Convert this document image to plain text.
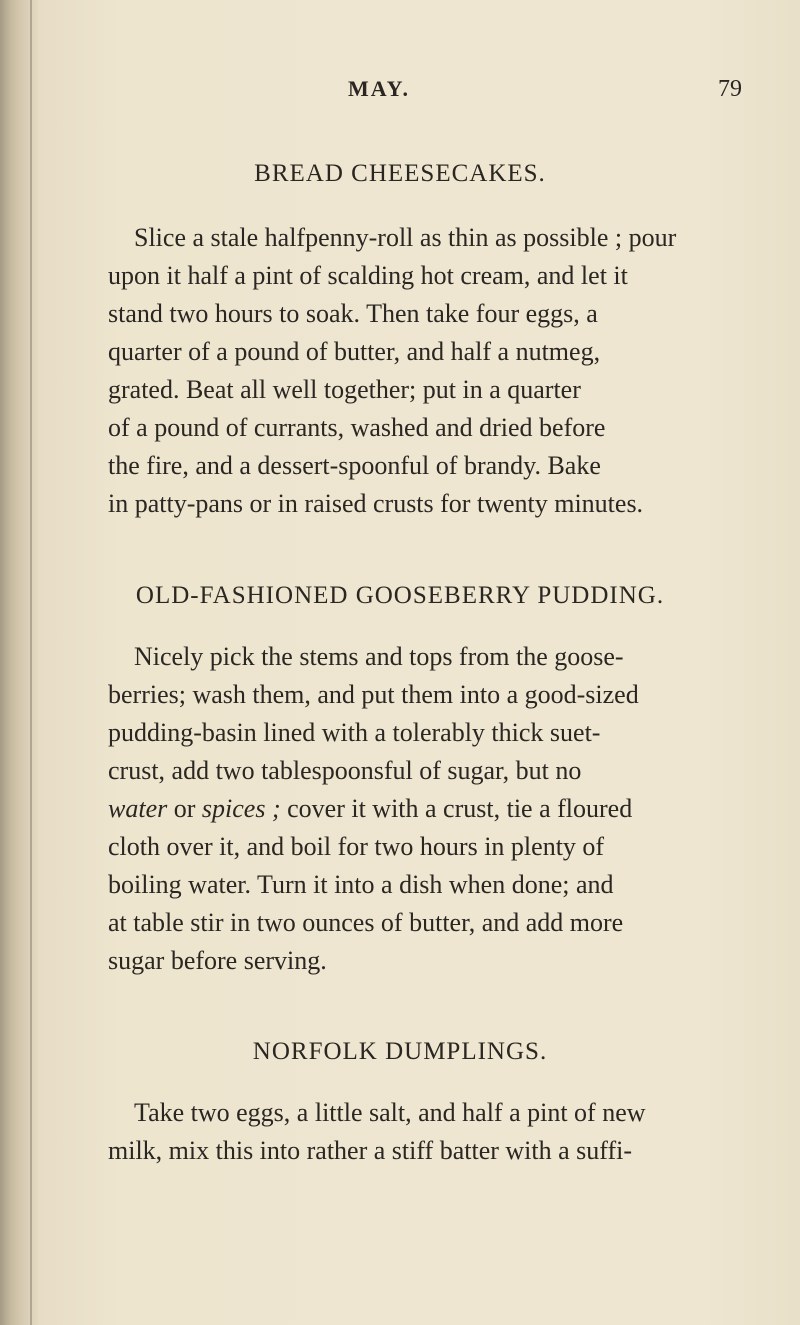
MAY.	79
BREAD CHEESECAKES.
Slice a stale halfpenny-roll as thin as possible ; pour
upon it half a pint of scalding hot cream, and let it
stand two hours to soak. Then take four eggs, a
quarter of a pound of butter, and half a nutmeg,
grated. Beat all well together; put in a quarter
of a pound of currants, washed and dried before
the fire, and a dessert-spoonful of brandy. Bake
in patty-pans or in raised crusts for twenty minutes.
OLD-FASHIONED GOOSEBERRY PUDDING.
Nicely pick the stems and tops from the goose-
berries; wash them, and put them into a good-sized
pudding-basin lined with a tolerably thick suet-
crust, add two tablespoonsful of sugar, but no
water or spices ; cover it with a crust, tie a floured
cloth over it, and boil for two hours in plenty of
boiling water. Turn it into a dish when done; and
at table stir in two ounces of butter, and add more
sugar before serving.
NORFOLK DUMPLINGS.
Take two eggs, a little salt, and half a pint of new
milk, mix this into rather a stiff batter with a suffi-
